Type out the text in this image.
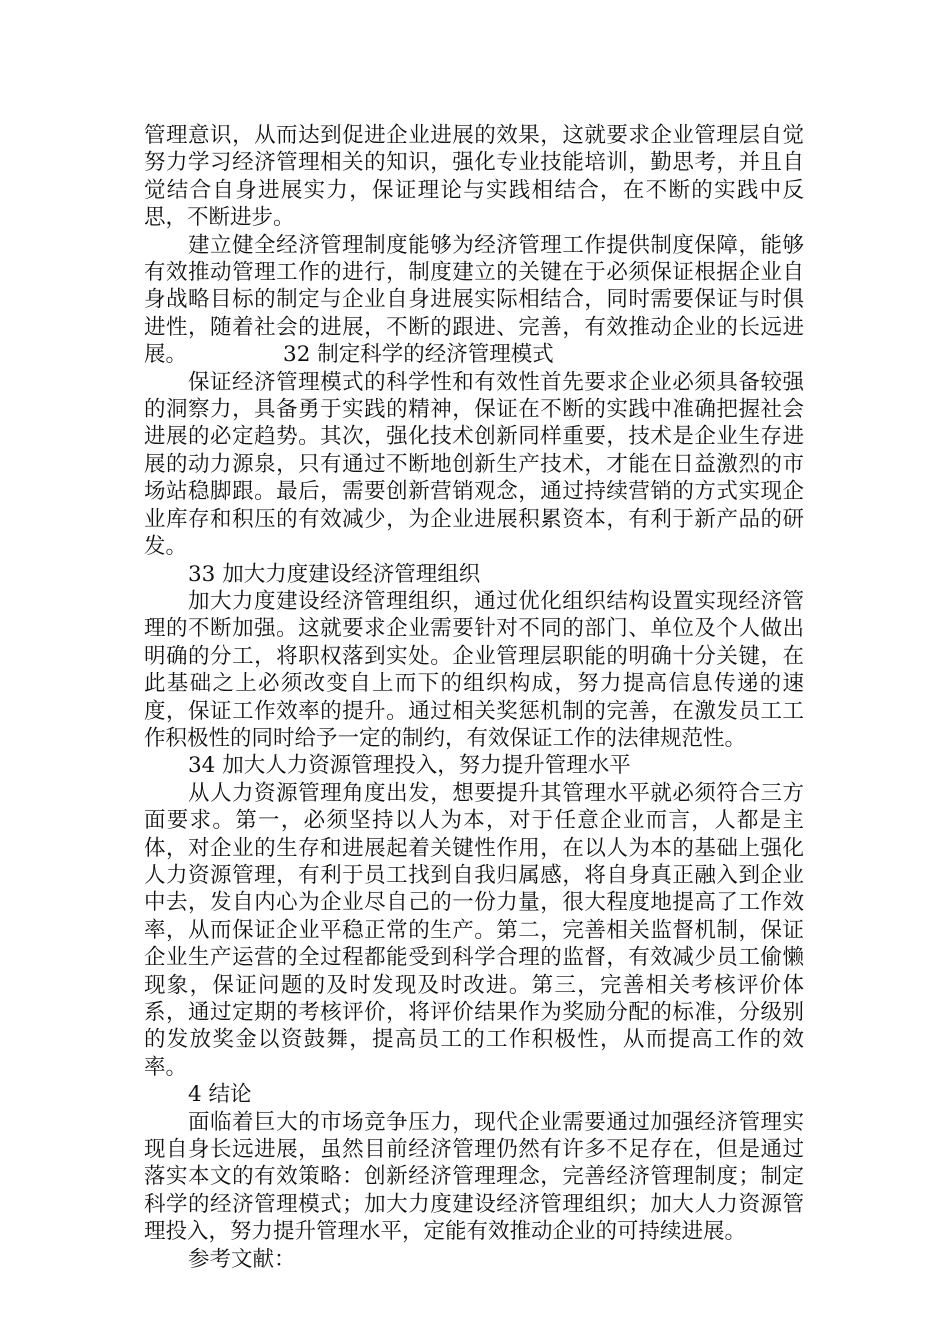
管理意识，从而达到促进企业进展的效果，这就要求企业管理层自觉努力学习经济管理相关的知识，强化专业技能培训，勤思考，并且自觉结合自身进展实力，保证理论与实践相结合，在不断的实践中反思，不断进步。

建立健全经济管理制度能够为经济管理工作提供制度保障，能够有效推动管理工作的进行，制度建立的关键在于必须保证根据企业自身战略目标的制定与企业自身进展实际相结合，同时需要保证与时俱进性，随着社会的进展，不断的跟进、完善，有效推动企业的长远进展。	32 制定科学的经济管理模式

保证经济管理模式的科学性和有效性首先要求企业必须具备较强的洞察力，具备勇于实践的精神，保证在不断的实践中准确把握社会进展的必定趋势。其次，强化技术创新同样重要，技术是企业生存进展的动力源泉，只有通过不断地创新生产技术，才能在日益激烈的市场站稳脚跟。最后，需要创新营销观念，通过持续营销的方式实现企业库存和积压的有效减少，为企业进展积累资本，有利于新产品的研发。

33 加大力度建设经济管理组织

加大力度建设经济管理组织，通过优化组织结构设置实现经济管理的不断加强。这就要求企业需要针对不同的部门、单位及个人做出明确的分工，将职权落到实处。企业管理层职能的明确十分关键，在此基础之上必须改变自上而下的组织构成，努力提高信息传递的速度，保证工作效率的提升。通过相关奖惩机制的完善，在激发员工工作积极性的同时给予一定的制约，有效保证工作的法律规范性。

34 加大人力资源管理投入，努力提升管理水平

从人力资源管理角度出发，想要提升其管理水平就必须符合三方面要求。第一，必须坚持以人为本，对于任意企业而言，人都是主体，对企业的生存和进展起着关键性作用，在以人为本的基础上强化人力资源管理，有利于员工找到自我归属感，将自身真正融入到企业中去，发自内心为企业尽自己的一份力量，很大程度地提高了工作效率，从而保证企业平稳正常的生产。第二，完善相关监督机制，保证企业生产运营的全过程都能受到科学合理的监督，有效减少员工偷懒现象，保证问题的及时发现及时改进。第三，完善相关考核评价体系，通过定期的考核评价，将评价结果作为奖励分配的标准，分级别的发放奖金以资鼓舞，提高员工的工作积极性，从而提高工作的效率。

4 结论

面临着巨大的市场竞争压力，现代企业需要通过加强经济管理实现自身长远进展，虽然目前经济管理仍然有许多不足存在，但是通过落实本文的有效策略：创新经济管理理念，完善经济管理制度；制定科学的经济管理模式；加大力度建设经济管理组织；加大人力资源管理投入，努力提升管理水平，定能有效推动企业的可持续进展。

参考文献：
